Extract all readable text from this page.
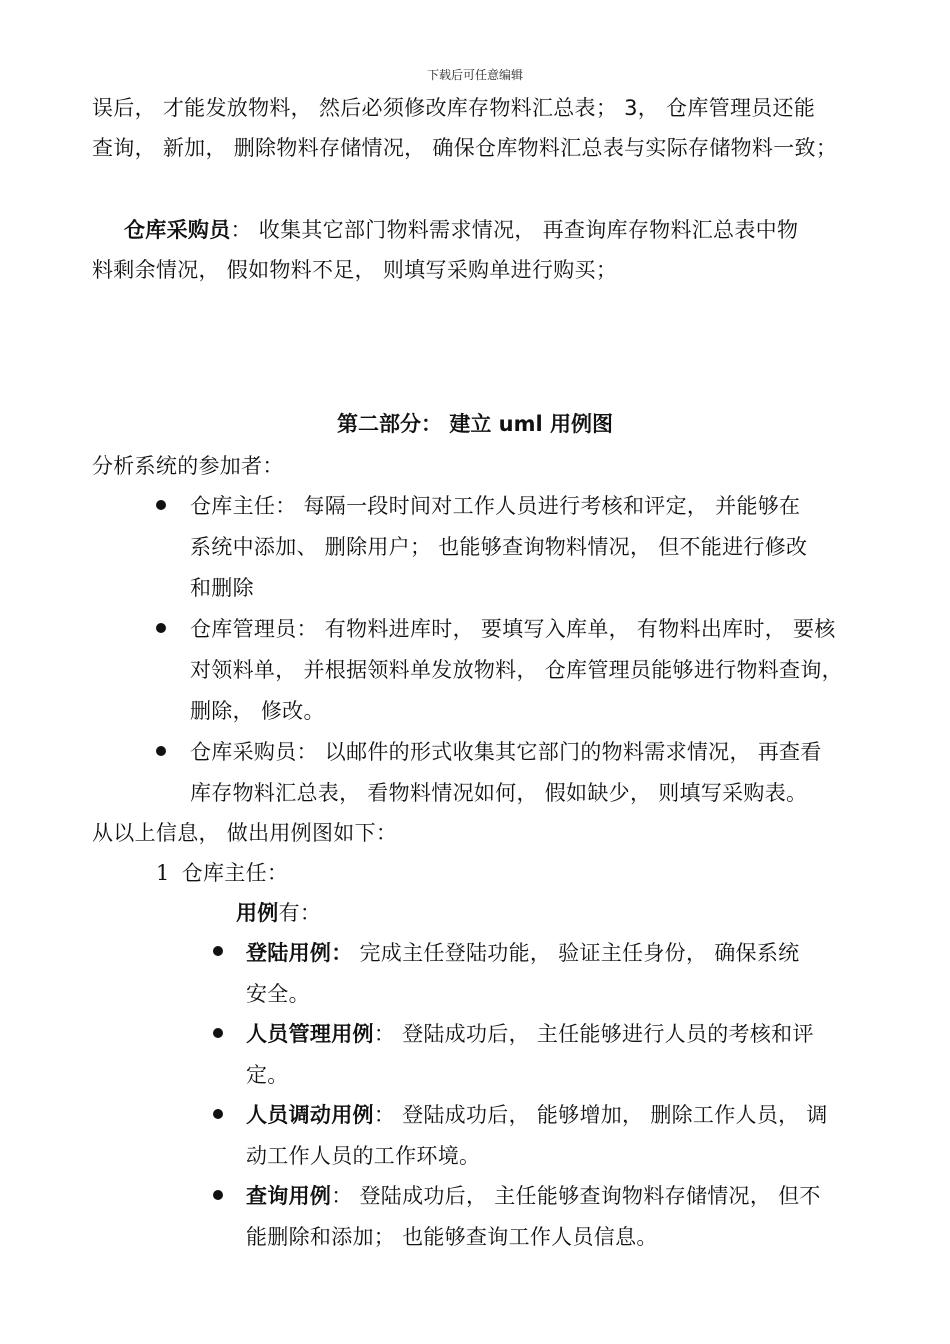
下载后可任意编辑
误后， 才能发放物料， 然后必须修改库存物料汇总表； 3， 仓库管理员还能
查询， 新加， 删除物料存储情况， 确保仓库物料汇总表与实际存储物料一致；
仓库采购员： 收集其它部门物料需求情况， 再查询库存物料汇总表中物
料剩余情况， 假如物料不足， 则填写采购单进行购买；
第二部分： 建立 uml 用例图
分析系统的参加者：
仓库主任： 每隔一段时间对工作人员进行考核和评定， 并能够在
系统中添加、 删除用户； 也能够查询物料情况， 但不能进行修改
和删除
仓库管理员： 有物料进库时， 要填写入库单， 有物料出库时， 要核
对领料单， 并根据领料单发放物料， 仓库管理员能够进行物料查询，
删除， 修改。
仓库采购员： 以邮件的形式收集其它部门的物料需求情况， 再查看
库存物料汇总表， 看物料情况如何， 假如缺少， 则填写采购表。
从以上信息， 做出用例图如下：
1 仓库主任：
用例有：
登陆用例： 完成主任登陆功能， 验证主任身份， 确保系统
安全。
人员管理用例： 登陆成功后， 主任能够进行人员的考核和评
定。
人员调动用例： 登陆成功后， 能够增加， 删除工作人员， 调
动工作人员的工作环境。
查询用例： 登陆成功后， 主任能够查询物料存储情况， 但不
能删除和添加； 也能够查询工作人员信息。
